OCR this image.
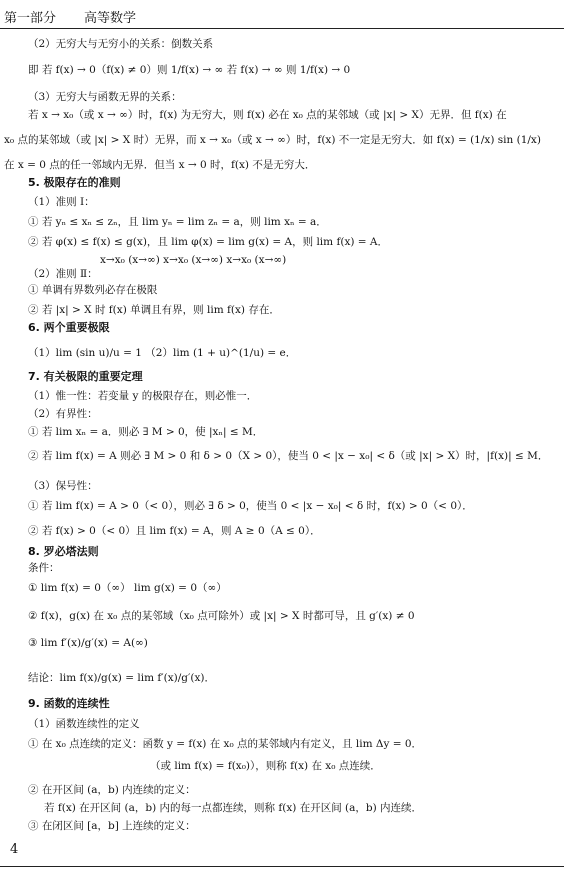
第一部分 高等数学
（2）无穷大与无穷小的关系：倒数关系
即 若 f(x) → 0（f(x) ≠ 0）则 1/f(x) → ∞ 若 f(x) → ∞ 则 1/f(x) → 0
（3）无穷大与函数无界的关系：
若 x → x₀（或 x → ∞）时，f(x) 为无穷大，则 f(x) 必在 x₀ 点的某邻域（或 |x| > X）无界．但 f(x) 在
x₀ 点的某邻域（或 |x| > X 时）无界，而 x → x₀（或 x → ∞）时，f(x) 不一定是无穷大．如 f(x) = (1/x) sin (1/x)
在 x = 0 点的任一邻域内无界．但当 x → 0 时，f(x) 不是无穷大．
5. 极限存在的准则
（1）准则 Ⅰ：
① 若 yₙ ≤ xₙ ≤ zₙ，且 lim yₙ = lim zₙ = a，则 lim xₙ = a．
② 若 φ(x) ≤ f(x) ≤ g(x)，且 lim φ(x) = lim g(x) = A，则 lim f(x) = A．
x→x₀ (x→∞) x→x₀ (x→∞) x→x₀ (x→∞)
（2）准则 Ⅱ：
① 单调有界数列必存在极限
② 若 |x| > X 时 f(x) 单调且有界，则 lim f(x) 存在．
6. 两个重要极限
（1）lim (sin u)/u = 1 （2）lim (1 + u)^(1/u) = e．
7. 有关极限的重要定理
（1）惟一性：若变量 y 的极限存在，则必惟一．
（2）有界性：
① 若 lim xₙ = a．则必 ∃ M > 0，使 |xₙ| ≤ M．
② 若 lim f(x) = A 则必 ∃ M > 0 和 δ > 0（X > 0），使当 0 < |x − x₀| < δ（或 |x| > X）时，|f(x)| ≤ M．
（3）保号性：
① 若 lim f(x) = A > 0（< 0），则必 ∃ δ > 0，使当 0 < |x − x₀| < δ 时，f(x) > 0（< 0）．
② 若 f(x) > 0（< 0）且 lim f(x) = A，则 A ≥ 0（A ≤ 0）．
8. 罗必塔法则
条件：
① lim f(x) = 0（∞） lim g(x) = 0（∞）
② f(x)，g(x) 在 x₀ 点的某邻域（x₀ 点可除外）或 |x| > X 时都可导，且 g′(x) ≠ 0
③ lim f′(x)/g′(x) = A(∞)
结论：lim f(x)/g(x) = lim f′(x)/g′(x)．
9. 函数的连续性
（1）函数连续性的定义
① 在 x₀ 点连续的定义：函数 y = f(x) 在 x₀ 点的某邻域内有定义，且 lim Δy = 0．
（或 lim f(x) = f(x₀)），则称 f(x) 在 x₀ 点连续．
② 在开区间 (a，b) 内连续的定义：
若 f(x) 在开区间 (a，b) 内的每一点都连续，则称 f(x) 在开区间 (a，b) 内连续．
③ 在闭区间 [a，b] 上连续的定义：
4
